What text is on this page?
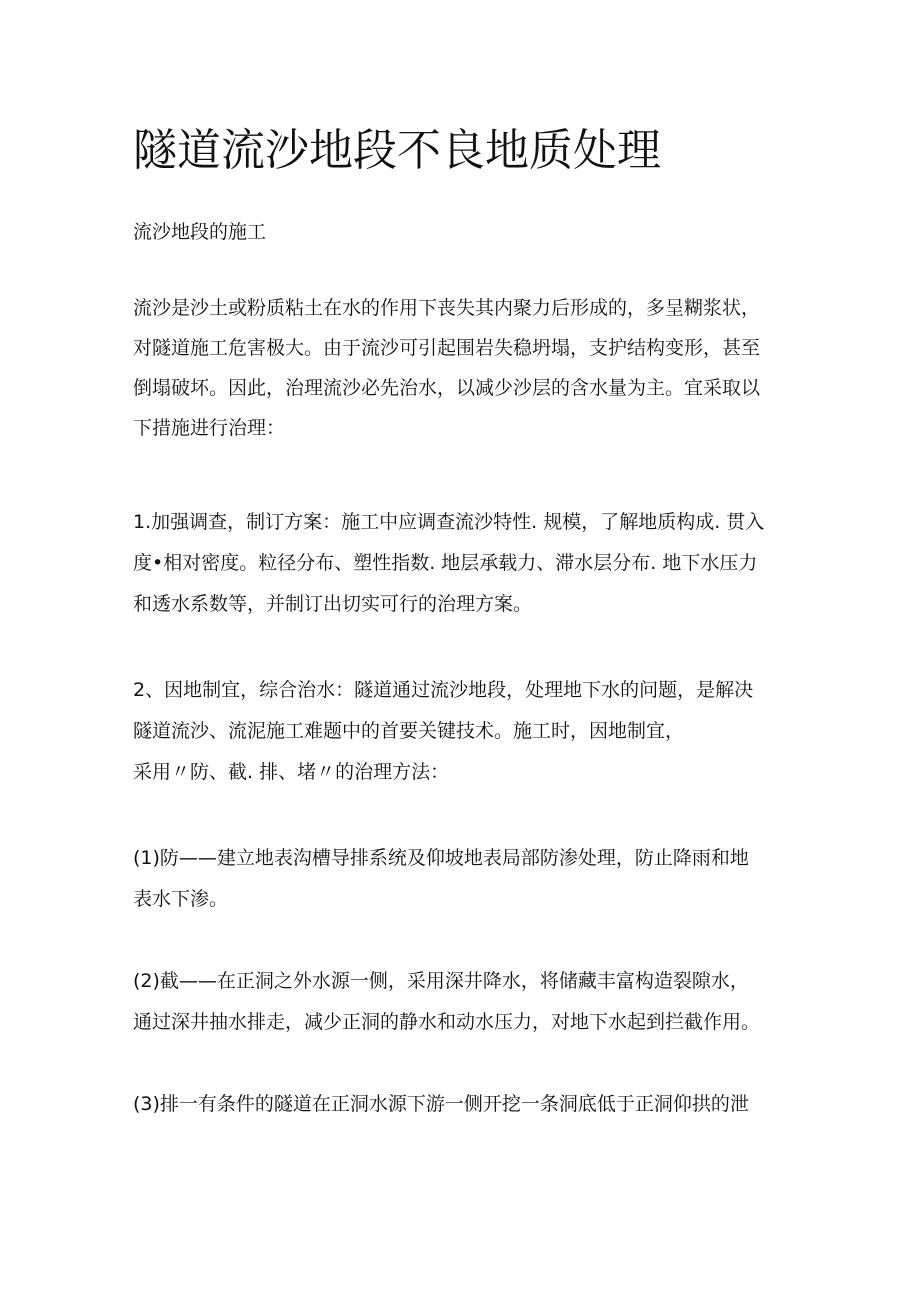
隧道流沙地段不良地质处理

流沙地段的施工

流沙是沙土或粉质粘土在水的作用下丧失其内聚力后形成的，多呈糊浆状，
对隧道施工危害极大。由于流沙可引起围岩失稳坍塌，支护结构变形，甚至
倒塌破坏。因此，治理流沙必先治水，以减少沙层的含水量为主。宜采取以
下措施进行治理：
1.加强调查，制订方案：施工中应调查流沙特性. 规模，了解地质构成. 贯入
度•相对密度。粒径分布、塑性指数. 地层承载力、滞水层分布. 地下水压力
和透水系数等，并制订出切实可行的治理方案。
2、因地制宜，综合治水：隧道通过流沙地段，处理地下水的问题，是解决
隧道流沙、流泥施工难题中的首要关键技术。施工时，因地制宜，
采用〃防、截. 排、堵〃的治理方法：
(1)防——建立地表沟槽导排系统及仰坡地表局部防渗处理，防止降雨和地
表水下渗。
(2)截——在正洞之外水源一侧，采用深井降水，将储藏丰富构造裂隙水，
通过深井抽水排走，减少正洞的静水和动水压力，对地下水起到拦截作用。
(3)排一有条件的隧道在正洞水源下游一侧开挖一条洞底低于正洞仰拱的泄
